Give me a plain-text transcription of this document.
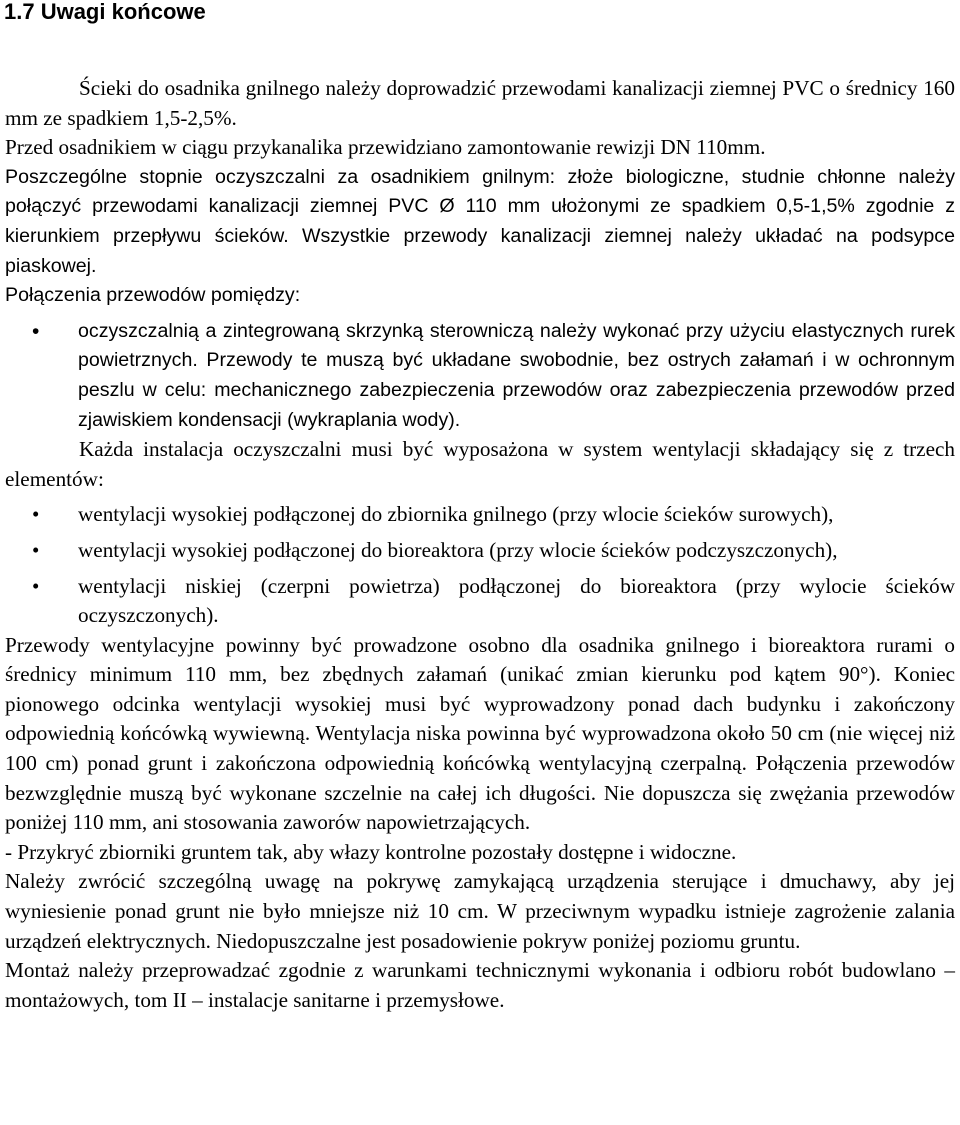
1.7 Uwagi końcowe

Ścieki do osadnika gnilnego należy doprowadzić przewodami kanalizacji ziemnej PVC o średnicy 160 mm ze spadkiem 1,5-2,5%.

Przed osadnikiem w ciągu przykanalika przewidziano zamontowanie rewizji DN 110mm.

Poszczególne stopnie oczyszczalni za osadnikiem gnilnym: złoże biologiczne, studnie chłonne należy połączyć przewodami kanalizacji ziemnej PVC Ø 110 mm ułożonymi ze spadkiem 0,5-1,5% zgodnie z kierunkiem przepływu ścieków. Wszystkie przewody kanalizacji ziemnej należy układać na podsypce piaskowej.

Połączenia przewodów pomiędzy:

• oczyszczalnią a zintegrowaną skrzynką sterowniczą należy wykonać przy użyciu elastycznych rurek powietrznych. Przewody te muszą być układane swobodnie, bez ostrych załamań i w ochronnym peszlu w celu: mechanicznego zabezpieczenia przewodów oraz zabezpieczenia przewodów przed zjawiskiem kondensacji (wykraplania wody).

Każda instalacja oczyszczalni musi być wyposażona w system wentylacji składający się z trzech elementów:

• wentylacji wysokiej podłączonej do zbiornika gnilnego (przy wlocie ścieków surowych),
• wentylacji wysokiej podłączonej do bioreaktora (przy wlocie ścieków podczyszczonych),
• wentylacji niskiej (czerpni powietrza) podłączonej do bioreaktora (przy wylocie ścieków oczyszczonych).

Przewody wentylacyjne powinny być prowadzone osobno dla osadnika gnilnego i bioreaktora rurami o średnicy minimum 110 mm, bez zbędnych załamań (unikać zmian kierunku pod kątem 90°). Koniec pionowego odcinka wentylacji wysokiej musi być wyprowadzony ponad dach budynku i zakończony odpowiednią końcówką wywiewną. Wentylacja niska powinna być wyprowadzona około 50 cm (nie więcej niż 100 cm) ponad grunt i zakończona odpowiednią końcówką wentylacyjną czerpalną. Połączenia przewodów bezwzględnie muszą być wykonane szczelnie na całej ich długości. Nie dopuszcza się zwężania przewodów poniżej 110 mm, ani stosowania zaworów napowietrzających.

- Przykryć zbiorniki gruntem tak, aby włazy kontrolne pozostały dostępne i widoczne.

Należy zwrócić szczególną uwagę na pokrywę zamykającą urządzenia sterujące i dmuchawy, aby jej wyniesienie ponad grunt nie było mniejsze niż 10 cm. W przeciwnym wypadku istnieje zagrożenie zalania urządzeń elektrycznych. Niedopuszczalne jest posadowienie pokryw poniżej poziomu gruntu.

Montaż należy przeprowadzać zgodnie z warunkami technicznymi wykonania i odbioru robót budowlano – montażowych, tom II – instalacje sanitarne i przemysłowe.
